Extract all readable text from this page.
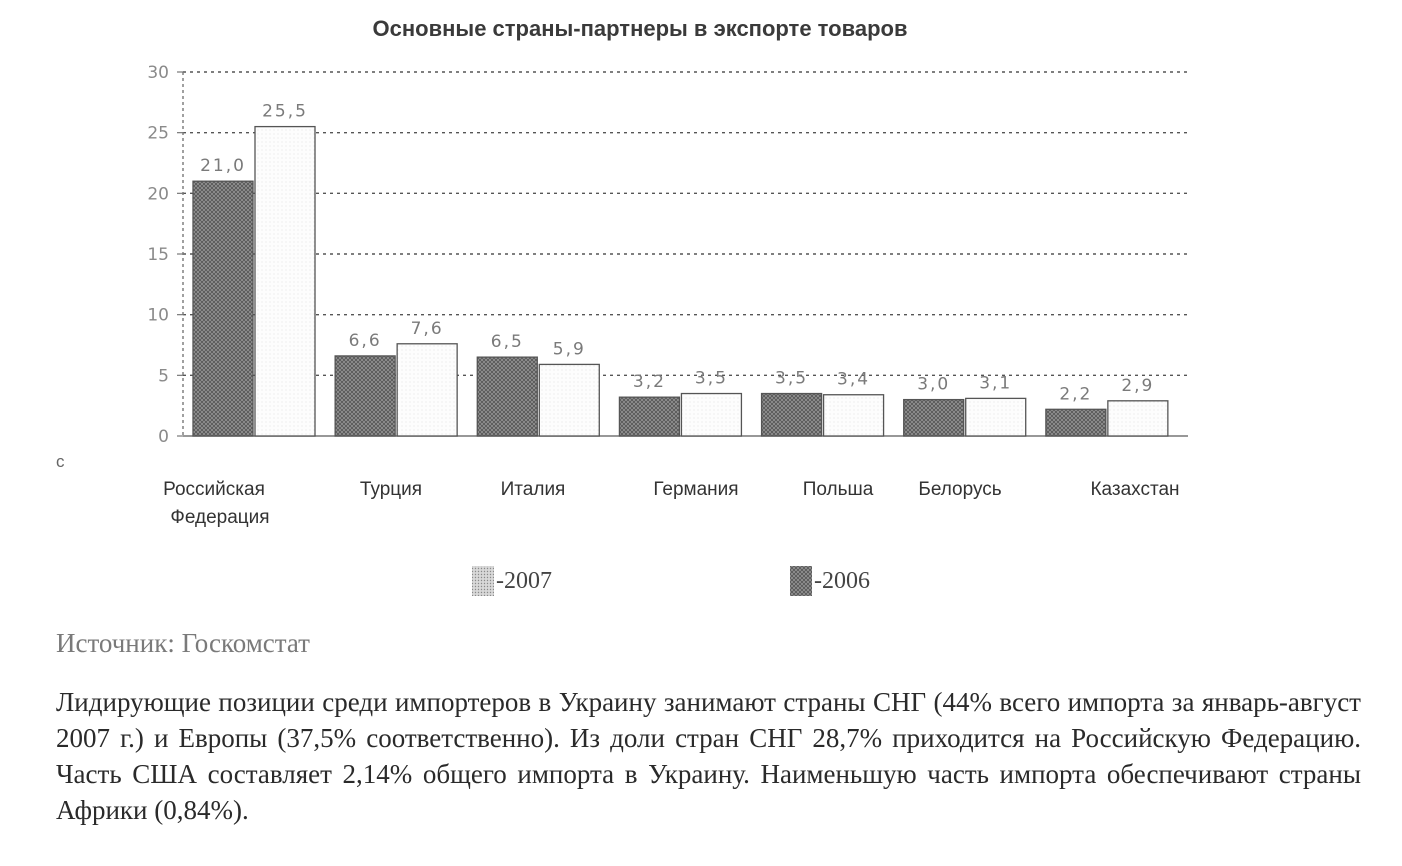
Основные страны-партнеры в экспорте товаров
0
5
10
15
20
25
30
21,0
25,5
6,6
7,6
6,5 5,9
3,2 3,5	3,5 3,4	3,0 3,1
2,2 2,9
Российская
Федерация
Турция	Италия	Германия	Польша Белорусь	Казахстан
-2007	-2006
с
Источник: Госкомстат
Лидирующие позиции среди импортеров в Украину занимают страны СНГ (44% всего импорта за январь-август 2007 г.) и Европы (37,5% соответственно). Из доли стран СНГ 28,7% приходится на Российскую Федерацию. Часть США составляет 2,14% общего импорта в Украину. Наименьшую часть импорта обеспечивают страны Африки (0,84%).
